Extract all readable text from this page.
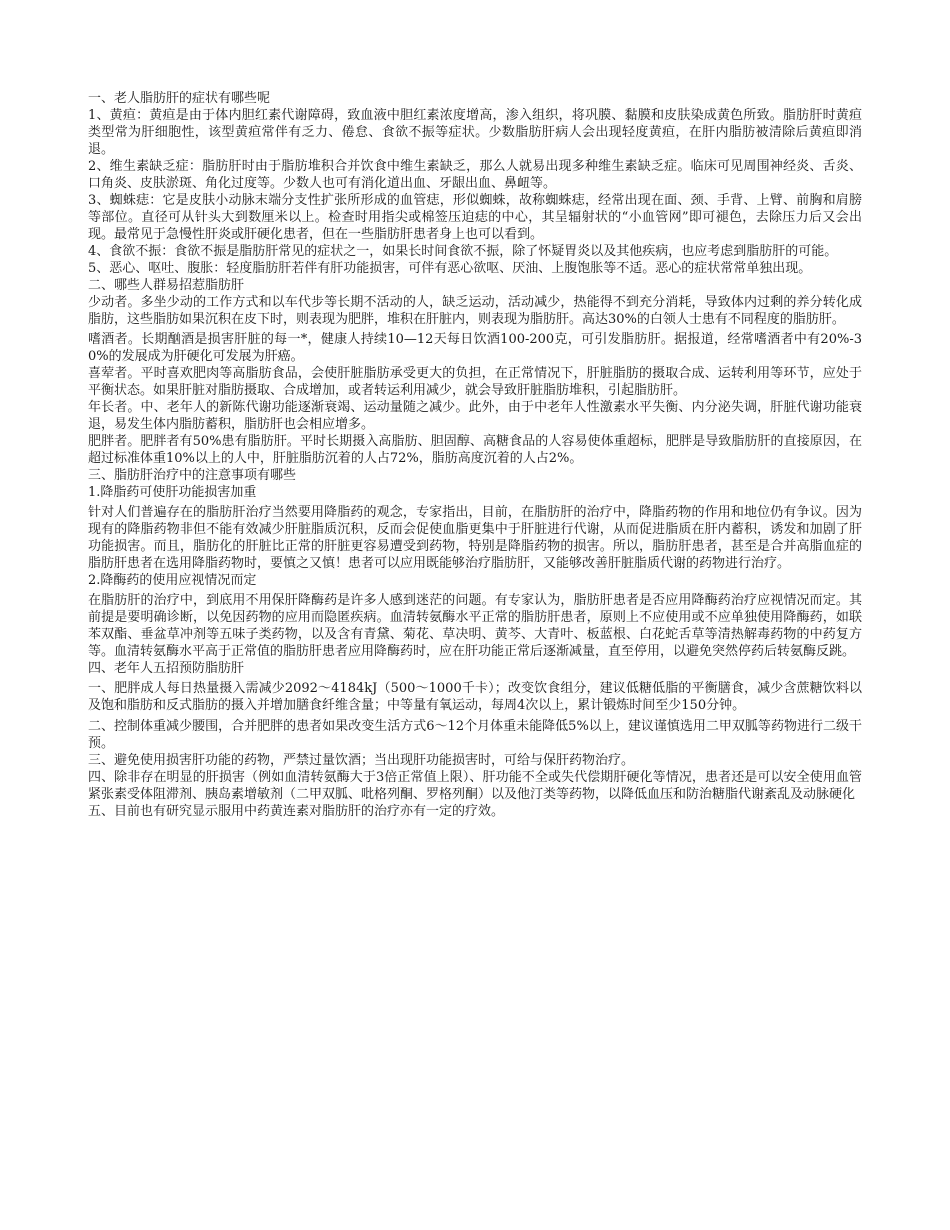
一、老人脂肪肝的症状有哪些呢

1、黄疸：黄疸是由于体内胆红素代谢障碍，致血液中胆红素浓度增高，渗入组织，将巩膜、黏膜和皮肤染成黄色所致。脂肪肝时黄疸类型常为肝细胞性，该型黄疸常伴有乏力、倦怠、食欲不振等症状。少数脂肪肝病人会出现轻度黄疸，在肝内脂肪被清除后黄疸即消退。

2、维生素缺乏症：脂肪肝时由于脂肪堆积合并饮食中维生素缺乏，那么人就易出现多种维生素缺乏症。临床可见周围神经炎、舌炎、口角炎、皮肤淤斑、角化过度等。少数人也可有消化道出血、牙龈出血、鼻衄等。

3、蜘蛛痣：它是皮肤小动脉末端分支性扩张所形成的血管痣，形似蜘蛛，故称蜘蛛痣，经常出现在面、颈、手背、上臂、前胸和肩膀等部位。直径可从针头大到数厘米以上。检查时用指尖或棉签压迫痣的中心，其呈辐射状的“小血管网”即可褪色，去除压力后又会出现。最常见于急慢性肝炎或肝硬化患者，但在一些脂肪肝患者身上也可以看到。

4、食欲不振：食欲不振是脂肪肝常见的症状之一，如果长时间食欲不振，除了怀疑胃炎以及其他疾病，也应考虑到脂肪肝的可能。

5、恶心、呕吐、腹胀：轻度脂肪肝若伴有肝功能损害，可伴有恶心欲呕、厌油、上腹饱胀等不适。恶心的症状常常单独出现。

二、哪些人群易招惹脂肪肝

少动者。多坐少动的工作方式和以车代步等长期不活动的人，缺乏运动，活动减少，热能得不到充分消耗，导致体内过剩的养分转化成脂肪，这些脂肪如果沉积在皮下时，则表现为肥胖，堆积在肝脏内，则表现为脂肪肝。高达30%的白领人士患有不同程度的脂肪肝。

嗜酒者。长期酗酒是损害肝脏的每一*，健康人持续10—12天每日饮酒100-200克，可引发脂肪肝。据报道，经常嗜酒者中有20%-30%的发展成为肝硬化可发展为肝癌。

喜荤者。平时喜欢肥肉等高脂肪食品，会使肝脏脂肪承受更大的负担，在正常情况下，肝脏脂肪的摄取合成、运转利用等环节，应处于平衡状态。如果肝脏对脂肪摄取、合成增加，或者转运利用减少，就会导致肝脏脂肪堆积，引起脂肪肝。

年长者。中、老年人的新陈代谢功能逐渐衰竭、运动量随之减少。此外，由于中老年人性激素水平失衡、内分泌失调，肝脏代谢功能衰退，易发生体内脂肪蓄积，脂肪肝也会相应增多。

肥胖者。肥胖者有50%患有脂肪肝。平时长期摄入高脂肪、胆固醇、高糖食品的人容易使体重超标，肥胖是导致脂肪肝的直接原因，在超过标准体重10%以上的人中，肝脏脂肪沉着的人占72%，脂肪高度沉着的人占2%。

三、脂肪肝治疗中的注意事项有哪些

1.降脂药可使肝功能损害加重

针对人们普遍存在的脂肪肝治疗当然要用降脂药的观念，专家指出，目前，在脂肪肝的治疗中，降脂药物的作用和地位仍有争议。因为现有的降脂药物非但不能有效减少肝脏脂质沉积，反而会促使血脂更集中于肝脏进行代谢，从而促进脂质在肝内蓄积，诱发和加剧了肝功能损害。而且，脂肪化的肝脏比正常的肝脏更容易遭受到药物，特别是降脂药物的损害。所以，脂肪肝患者，甚至是合并高脂血症的脂肪肝患者在选用降脂药物时，要慎之又慎！患者可以应用既能够治疗脂肪肝，又能够改善肝脏脂质代谢的药物进行治疗。

2.降酶药的使用应视情况而定

在脂肪肝的治疗中，到底用不用保肝降酶药是许多人感到迷茫的问题。有专家认为，脂肪肝患者是否应用降酶药治疗应视情况而定。其前提是要明确诊断，以免因药物的应用而隐匿疾病。血清转氨酶水平正常的脂肪肝患者，原则上不应使用或不应单独使用降酶药，如联苯双酯、垂盆草冲剂等五味子类药物，以及含有青黛、菊花、草决明、黄芩、大青叶、板蓝根、白花蛇舌草等清热解毒药物的中药复方等。血清转氨酶水平高于正常值的脂肪肝患者应用降酶药时，应在肝功能正常后逐渐减量，直至停用，以避免突然停药后转氨酶反跳。

四、老年人五招预防脂肪肝

一、肥胖成人每日热量摄入需减少2092～4184kJ（500～1000千卡）；改变饮食组分，建议低糖低脂的平衡膳食，减少含蔗糖饮料以及饱和脂肪和反式脂肪的摄入并增加膳食纤维含量；中等量有氧运动，每周4次以上，累计锻炼时间至少150分钟。

二、控制体重减少腰围，合并肥胖的患者如果改变生活方式6～12个月体重未能降低5%以上，建议谨慎选用二甲双胍等药物进行二级干预。

三、避免使用损害肝功能的药物，严禁过量饮酒；当出现肝功能损害时，可给与保肝药物治疗。

四、除非存在明显的肝损害（例如血清转氨酶大于3倍正常值上限）、肝功能不全或失代偿期肝硬化等情况，患者还是可以安全使用血管紧张素受体阻滞剂、胰岛素增敏剂（二甲双胍、吡格列酮、罗格列酮）以及他汀类等药物，以降低血压和防治糖脂代谢紊乱及动脉硬化

五、目前也有研究显示服用中药黄连素对脂肪肝的治疗亦有一定的疗效。
